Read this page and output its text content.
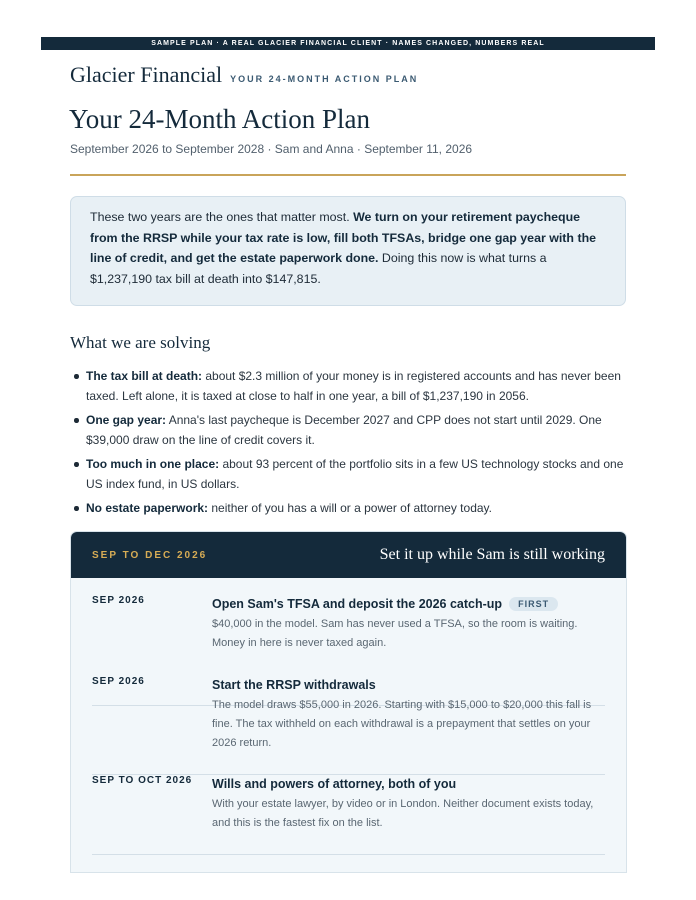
SAMPLE PLAN · A REAL GLACIER FINANCIAL CLIENT · NAMES CHANGED, NUMBERS REAL
Glacier Financial YOUR 24-MONTH ACTION PLAN
Your 24-Month Action Plan
September 2026 to September 2028 · Sam and Anna · September 11, 2026
These two years are the ones that matter most. We turn on your retirement paycheque from the RRSP while your tax rate is low, fill both TFSAs, bridge one gap year with the line of credit, and get the estate paperwork done. Doing this now is what turns a $1,237,190 tax bill at death into $147,815.
What we are solving
The tax bill at death: about $2.3 million of your money is in registered accounts and has never been taxed. Left alone, it is taxed at close to half in one year, a bill of $1,237,190 in 2056.
One gap year: Anna's last paycheque is December 2027 and CPP does not start until 2029. One $39,000 draw on the line of credit covers it.
Too much in one place: about 93 percent of the portfolio sits in a few US technology stocks and one US index fund, in US dollars.
No estate paperwork: neither of you has a will or a power of attorney today.
SEP TO DEC 2026	Set it up while Sam is still working
SEP 2026	Open Sam's TFSA and deposit the 2026 catch-up FIRST
$40,000 in the model. Sam has never used a TFSA, so the room is waiting. Money in here is never taxed again.
SEP 2026	Start the RRSP withdrawals
The model draws $55,000 in 2026. Starting with $15,000 to $20,000 this fall is fine. The tax withheld on each withdrawal is a prepayment that settles on your 2026 return.
SEP TO OCT 2026 Wills and powers of attorney, both of you
With your estate lawyer, by video or in London. Neither document exists today, and this is the fastest fix on the list.
